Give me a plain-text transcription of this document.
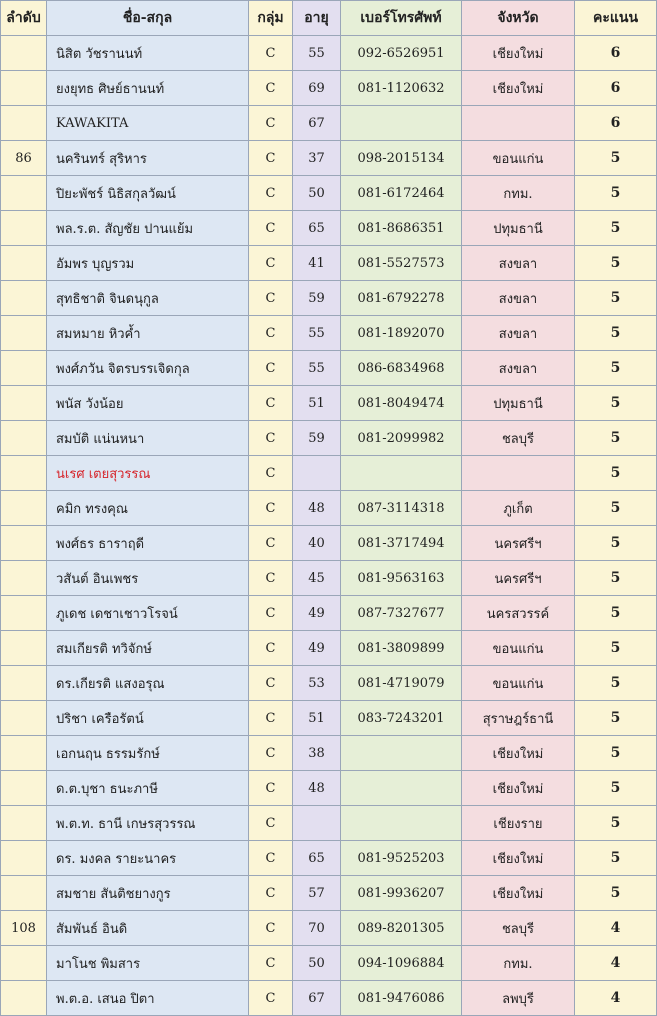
ลำดับ	ชื่อ-สกุล	กลุ่ม	อายุ	เบอร์โทรศัพท์	จังหวัด	คะแนน
	นิสิต วัชรานนท์	C	55	092-6526951	เชียงใหม่	6
	ยงยุทธ ศิษย์ธานนท์	C	69	081-1120632	เชียงใหม่	6
	KAWAKITA	C	67			6
86	นครินทร์ สุริหาร	C	37	098-2015134	ขอนแก่น	5
	ปิยะพัชร์ นิธิสกุลวัฒน์	C	50	081-6172464	กทม.	5
	พล.ร.ต. สัญชัย ปานแย้ม	C	65	081-8686351	ปทุมธานี	5
	อัมพร บุญรวม	C	41	081-5527573	สงขลา	5
	สุทธิชาติ จินดนุกูล	C	59	081-6792278	สงขลา	5
	สมหมาย หิวค้ำ	C	55	081-1892070	สงขลา	5
	พงศ์ภวัน จิตรบรรเจิดกุล	C	55	086-6834968	สงขลา	5
	พนัส วังน้อย	C	51	081-8049474	ปทุมธานี	5
	สมบัติ แน่นหนา	C	59	081-2099982	ชลบุรี	5
	นเรศ เตยสุวรรณ	C				5
	คมิก ทรงคุณ	C	48	087-3114318	ภูเก็ต	5
	พงศ์ธร ธาราฤดี	C	40	081-3717494	นครศรีฯ	5
	วสันต์ อินเพชร	C	45	081-9563163	นครศรีฯ	5
	ภูเดช เดชาเชาวโรจน์	C	49	087-7327677	นครสวรรค์	5
	สมเกียรติ ทวิจักษ์	C	49	081-3809899	ขอนแก่น	5
	ดร.เกียรติ แสงอรุณ	C	53	081-4719079	ขอนแก่น	5
	ปริชา เครือรัตน์	C	51	083-7243201	สุราษฎร์ธานี	5
	เอกนฤน ธรรมรักษ์	C	38		เชียงใหม่	5
	ด.ต.บุชา ธนะภาษี	C	48		เชียงใหม่	5
	พ.ต.ท. ธานี เกษรสุวรรณ	C			เชียงราย	5
	ดร. มงคล รายะนาคร	C	65	081-9525203	เชียงใหม่	5
	สมชาย สันติชยางกูร	C	57	081-9936207	เชียงใหม่	5
108	สัมพันธ์ อินดิ	C	70	089-8201305	ชลบุรี	4
	มาโนช พิมสาร	C	50	094-1096884	กทม.	4
	พ.ต.อ. เสนอ ปิตา	C	67	081-9476086	ลพบุรี	4
